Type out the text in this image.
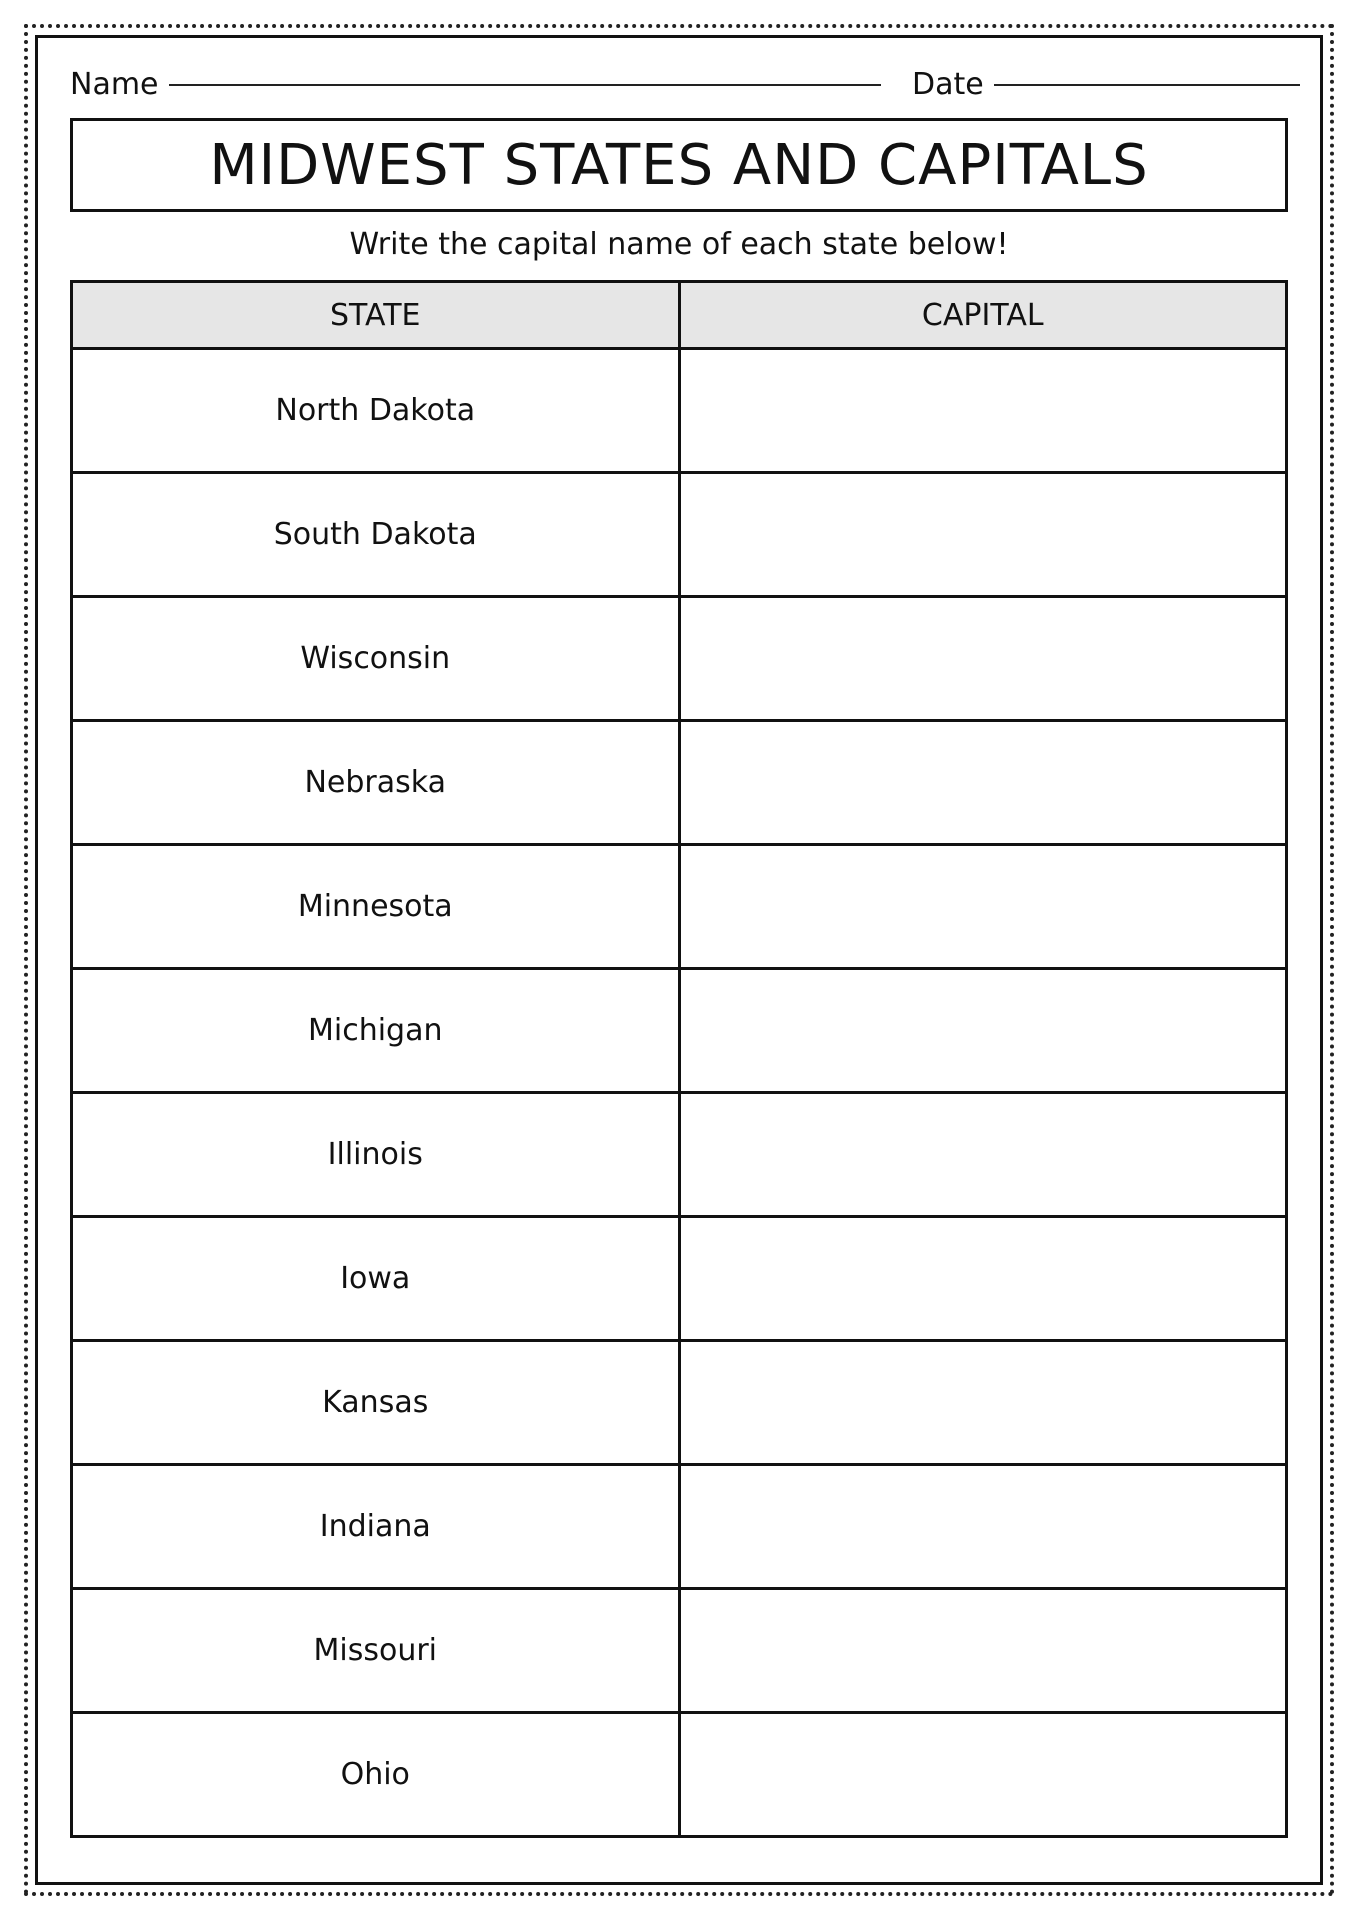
Name	Date
MIDWEST STATES AND CAPITALS
Write the capital name of each state below!
STATE	CAPITAL
North Dakota	
South Dakota	
Wisconsin	
Nebraska	
Minnesota	
Michigan	
Illinois	
Iowa	
Kansas	
Indiana	
Missouri	
Ohio	
